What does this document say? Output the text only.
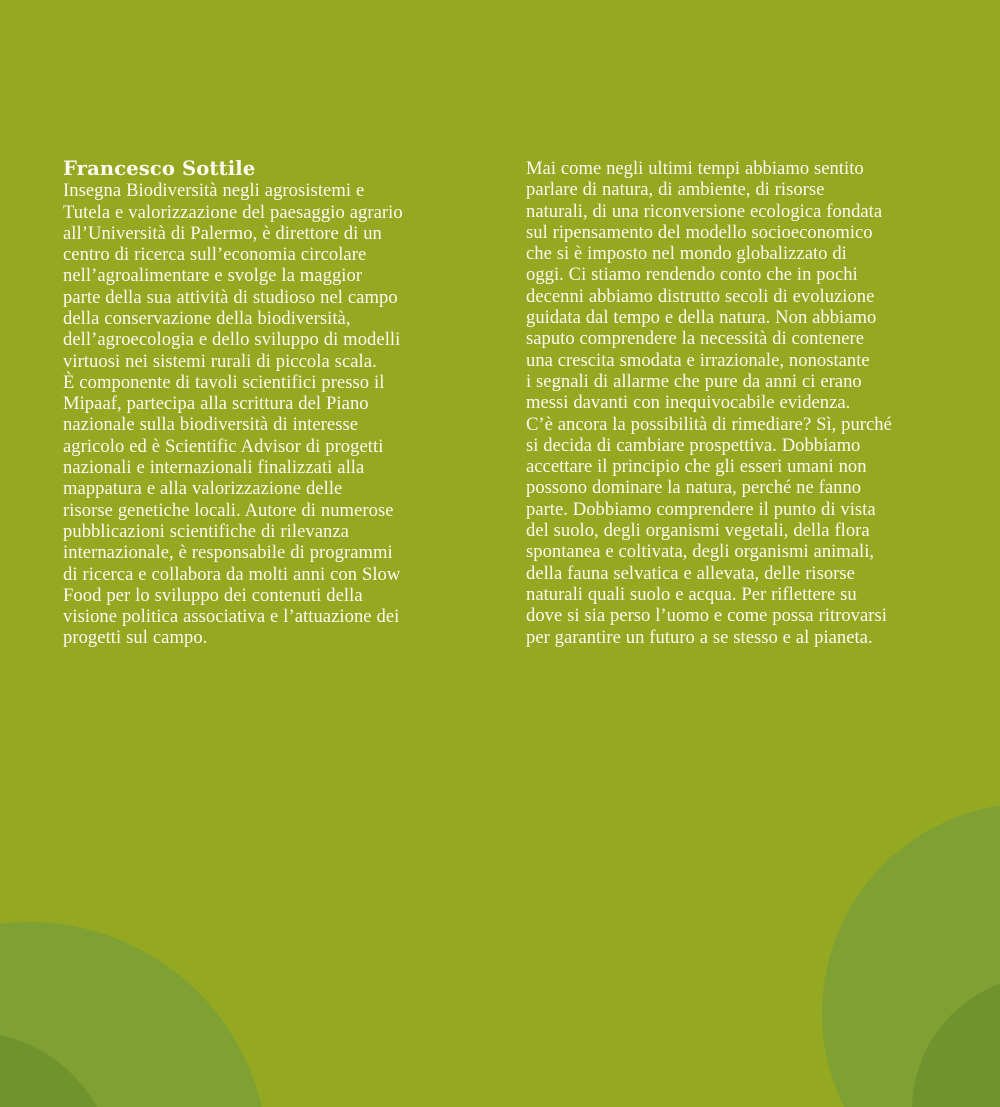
Francesco Sottile
Insegna Biodiversità negli agrosistemi e
Tutela e valorizzazione del paesaggio agrario
all’Università di Palermo, è direttore di un
centro di ricerca sull’economia circolare
nell’agroalimentare e svolge la maggior
parte della sua attività di studioso nel campo
della conservazione della biodiversità,
dell’agroecologia e dello sviluppo di modelli
virtuosi nei sistemi rurali di piccola scala.
È componente di tavoli scientifici presso il
Mipaaf, partecipa alla scrittura del Piano
nazionale sulla biodiversità di interesse
agricolo ed è Scientific Advisor di progetti
nazionali e internazionali finalizzati alla
mappatura e alla valorizzazione delle
risorse genetiche locali. Autore di numerose
pubblicazioni scientifiche di rilevanza
internazionale, è responsabile di programmi
di ricerca e collabora da molti anni con Slow
Food per lo sviluppo dei contenuti della
visione politica associativa e l’attuazione dei
progetti sul campo.
Mai come negli ultimi tempi abbiamo sentito
parlare di natura, di ambiente, di risorse
naturali, di una riconversione ecologica fondata
sul ripensamento del modello socioeconomico
che si è imposto nel mondo globalizzato di
oggi. Ci stiamo rendendo conto che in pochi
decenni abbiamo distrutto secoli di evoluzione
guidata dal tempo e della natura. Non abbiamo
saputo comprendere la necessità di contenere
una crescita smodata e irrazionale, nonostante
i segnali di allarme che pure da anni ci erano
messi davanti con inequivocabile evidenza.
C’è ancora la possibilità di rimediare? Sì, purché
si decida di cambiare prospettiva. Dobbiamo
accettare il principio che gli esseri umani non
possono dominare la natura, perché ne fanno
parte. Dobbiamo comprendere il punto di vista
del suolo, degli organismi vegetali, della flora
spontanea e coltivata, degli organismi animali,
della fauna selvatica e allevata, delle risorse
naturali quali suolo e acqua. Per riflettere su
dove si sia perso l’uomo e come possa ritrovarsi
per garantire un futuro a se stesso e al pianeta.
